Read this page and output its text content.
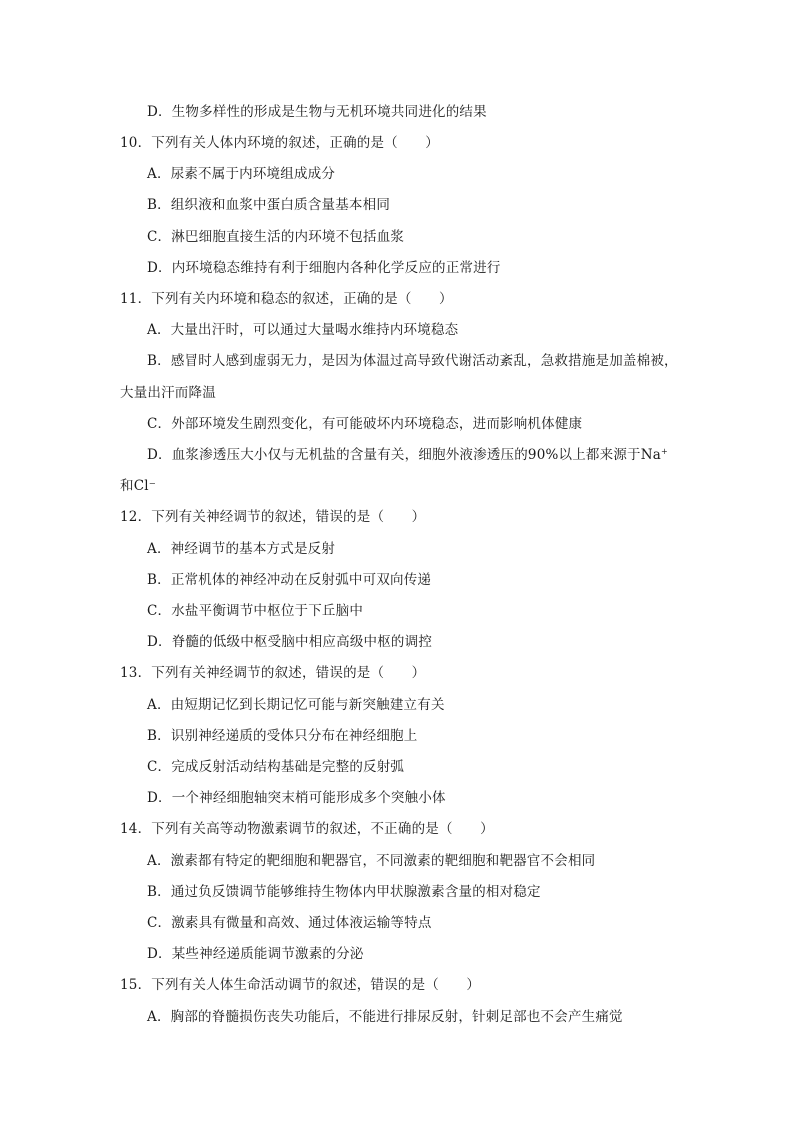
D．生物多样性的形成是生物与无机环境共同进化的结果
10．下列有关人体内环境的叙述，正确的是（　　）
A．尿素不属于内环境组成成分
B．组织液和血浆中蛋白质含量基本相同
C．淋巴细胞直接生活的内环境不包括血浆
D．内环境稳态维持有利于细胞内各种化学反应的正常进行
11．下列有关内环境和稳态的叙述，正确的是（　　）
A．大量出汗时，可以通过大量喝水维持内环境稳态
B．感冒时人感到虚弱无力，是因为体温过高导致代谢活动紊乱，急救措施是加盖棉被，
大量出汗而降温
C．外部环境发生剧烈变化，有可能破坏内环境稳态，进而影响机体健康
D．血浆渗透压大小仅与无机盐的含量有关，细胞外液渗透压的90%以上都来源于Na+
和Cl⁻
12．下列有关神经调节的叙述，错误的是（　　）
A．神经调节的基本方式是反射
B．正常机体的神经冲动在反射弧中可双向传递
C．水盐平衡调节中枢位于下丘脑中
D．脊髓的低级中枢受脑中相应高级中枢的调控
13．下列有关神经调节的叙述，错误的是（　　）
A．由短期记忆到长期记忆可能与新突触建立有关
B．识别神经递质的受体只分布在神经细胞上
C．完成反射活动结构基础是完整的反射弧
D．一个神经细胞轴突末梢可能形成多个突触小体
14．下列有关高等动物激素调节的叙述，不正确的是（　　）
A．激素都有特定的靶细胞和靶器官，不同激素的靶细胞和靶器官不会相同
B．通过负反馈调节能够维持生物体内甲状腺激素含量的相对稳定
C．激素具有微量和高效、通过体液运输等特点
D．某些神经递质能调节激素的分泌
15．下列有关人体生命活动调节的叙述，错误的是（　　）
A．胸部的脊髓损伤丧失功能后，不能进行排尿反射，针刺足部也不会产生痛觉
